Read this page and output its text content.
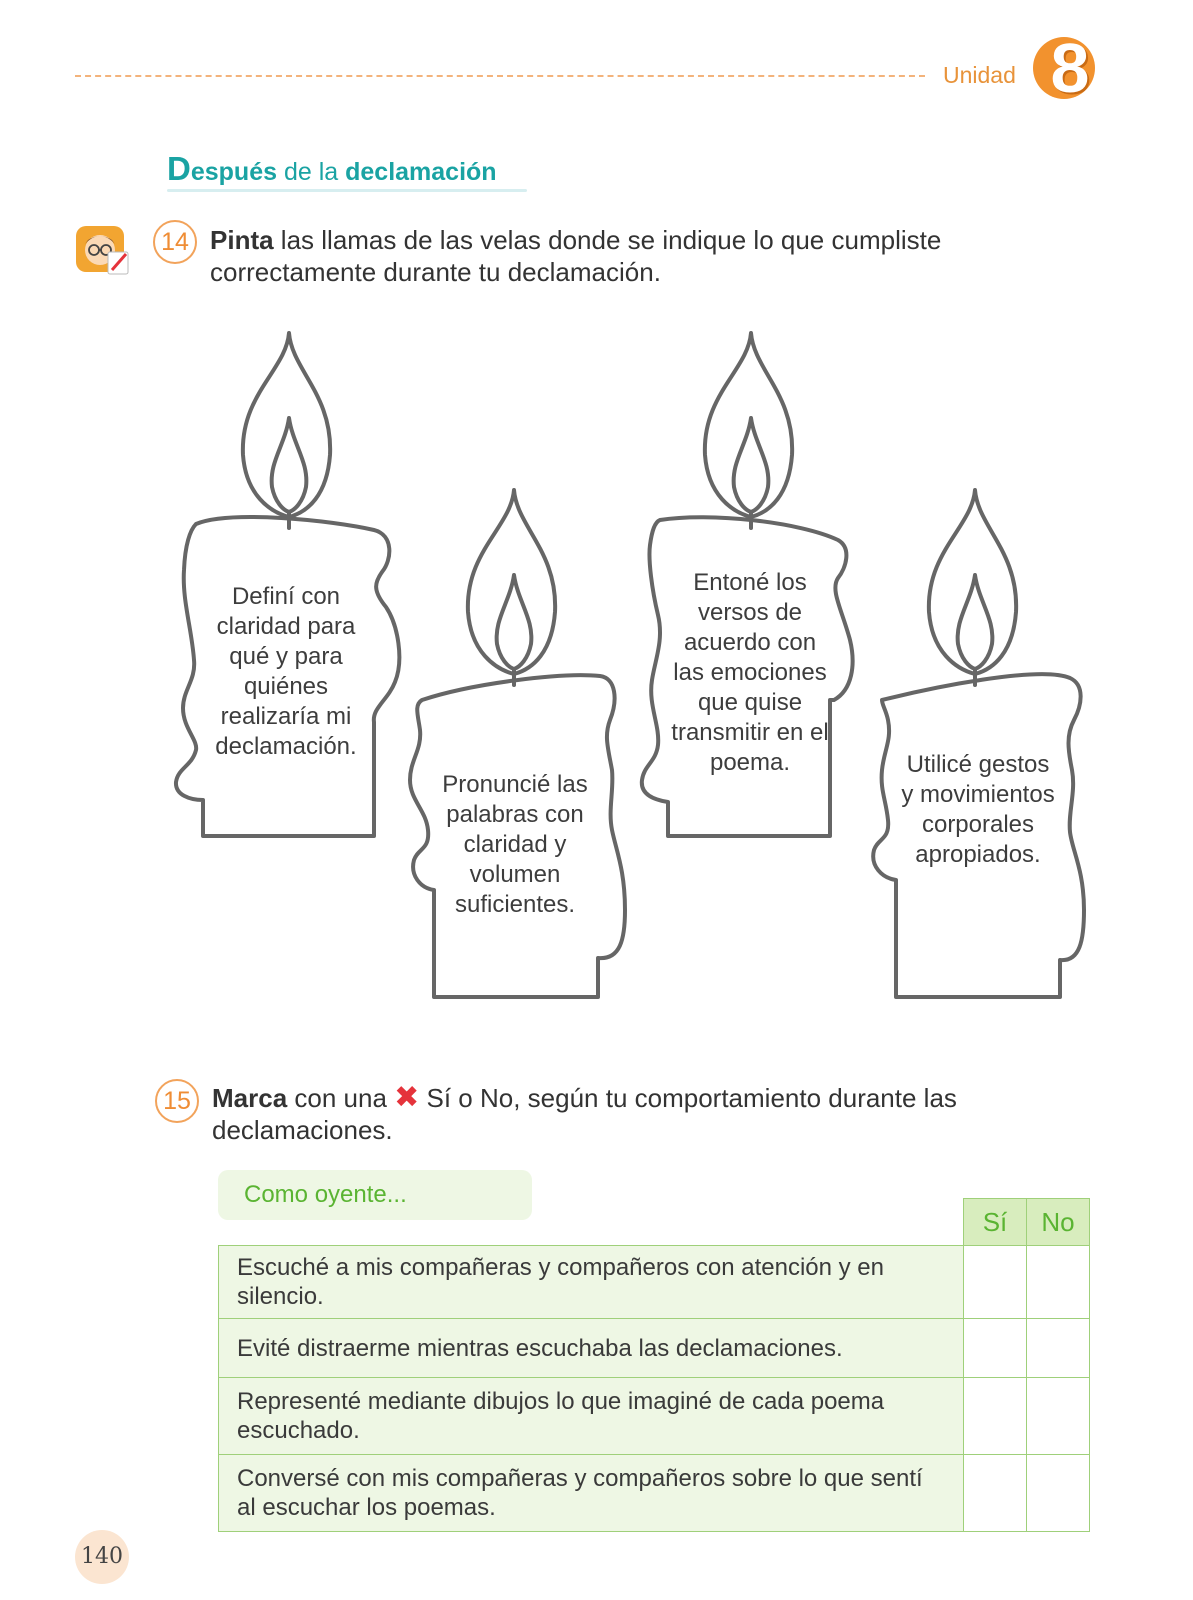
Unidad 8
Después de la declamación
14 Pinta las llamas de las velas donde se indique lo que cumpliste
correctamente durante tu declamación.
Definí con claridad para qué y para quiénes realizaría mi declamación.
Pronuncié las palabras con claridad y volumen suficientes.
Entoné los versos de acuerdo con las emociones que quise transmitir en el poema.	Utilicé gestos y movimientos corporales apropiados.
15 Marca con una ✖ Sí o No, según tu comportamiento durante las
declamaciones.
Como oyente...
	Sí	No
Escuché a mis compañeras y compañeros con atención y en silencio.		
Evité distraerme mientras escuchaba las declamaciones.		
Representé mediante dibujos lo que imaginé de cada poema escuchado.		
Conversé con mis compañeras y compañeros sobre lo que sentí al escuchar los poemas.		
140
